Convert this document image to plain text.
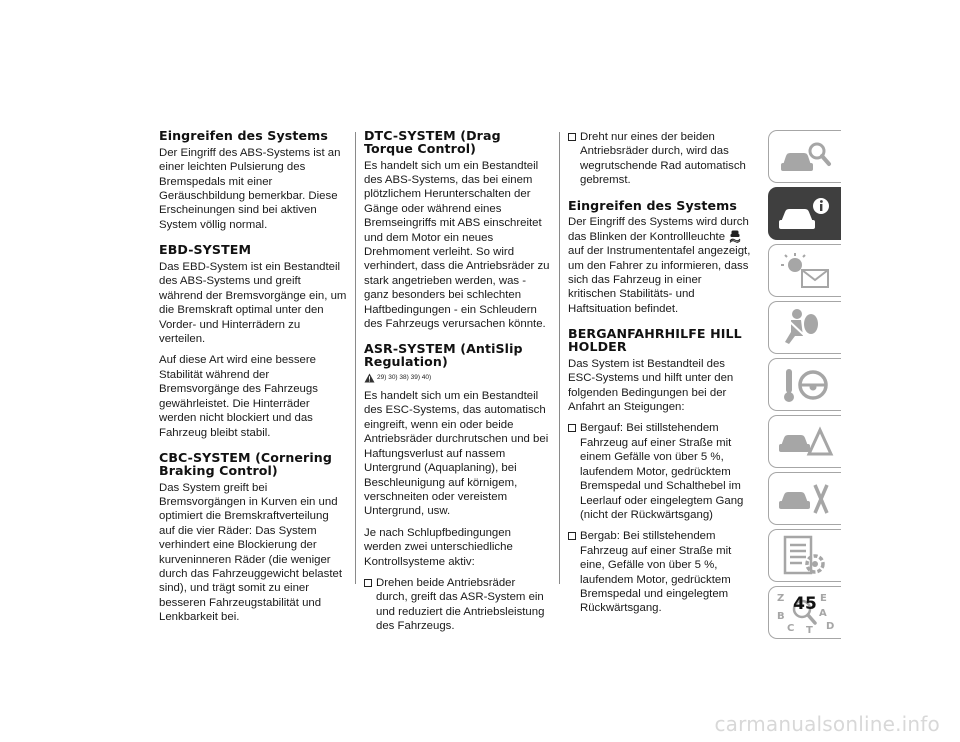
Eingreifen des Systems

Der Eingriff des ABS-Systems ist an einer leichten Pulsierung des Bremspedals mit einer Geräuschbildung bemerkbar. Diese Erscheinungen sind bei aktiven System völlig normal.

EBD-SYSTEM

Das EBD-System ist ein Bestandteil des ABS-Systems und greift während der Bremsvorgänge ein, um die Bremskraft optimal unter den Vorder- und Hinterrädern zu verteilen.

Auf diese Art wird eine bessere Stabilität während der Bremsvorgänge des Fahrzeugs gewährleistet. Die Hinterräder werden nicht blockiert und das Fahrzeug bleibt stabil.

CBC-SYSTEM (Cornering Braking Control)

Das System greift bei Bremsvorgängen in Kurven ein und optimiert die Bremskraftverteilung auf die vier Räder: Das System verhindert eine Blockierung der kurveninneren Räder (die weniger durch das Fahrzeuggewicht belastet sind), und trägt somit zu einer besseren Fahrzeugstabilität und Lenkbarkeit bei.

DTC-SYSTEM (Drag Torque Control)

Es handelt sich um ein Bestandteil des ABS-Systems, das bei einem plötzlichem Herunterschalten der Gänge oder während eines Bremseingriffs mit ABS einschreitet und dem Motor ein neues Drehmoment verleiht. So wird verhindert, dass die Antriebsräder zu stark angetrieben werden, was - ganz besonders bei schlechten Haftbedingungen - ein Schleudern des Fahrzeugs verursachen könnte.

ASR-SYSTEM (AntiSlip Regulation)
29) 30) 38) 39) 40)

Es handelt sich um ein Bestandteil des ESC-Systems, das automatisch eingreift, wenn ein oder beide Antriebsräder durchrutschen und bei Haftungsverlust auf nassem Untergrund (Aquaplaning), bei Beschleunigung auf körnigem, verschneiten oder vereistem Untergrund, usw.

Je nach Schlupfbedingungen werden zwei unterschiedliche Kontrollsysteme aktiv:

Drehen beide Antriebsräder durch, greift das ASR-System ein und reduziert die Antriebsleistung des Fahrzeugs.
Dreht nur eines der beiden Antriebsräder durch, wird das wegrutschende Rad automatisch gebremst.
Eingreifen des Systems

Der Eingriff des Systems wird durch das Blinken der Kontrollleuchte  auf der Instrumententafel angezeigt, um den Fahrer zu informieren, dass sich das Fahrzeug in einer kritischen Stabilitäts- und Haftsituation befindet.

BERGANFAHRHILFE HILL HOLDER

Das System ist Bestandteil des ESC-Systems und hilft unter den folgenden Bedingungen bei der Anfahrt an Steigungen:

Bergauf: Bei stillstehendem Fahrzeug auf einer Straße mit einem Gefälle von über 5 %, laufendem Motor, gedrücktem Bremspedal und Schalthebel im Leerlauf oder eingelegtem Gang (nicht der Rückwärtsgang)
Bergab: Bei stillstehendem Fahrzeug auf einer Straße mit eine, Gefälle von über 5 %, laufendem Motor, gedrücktem Bremspedal und eingelegtem Rückwärtsgang.
Z	E
A
B
C	D
T
45
carmanualsonline.info
